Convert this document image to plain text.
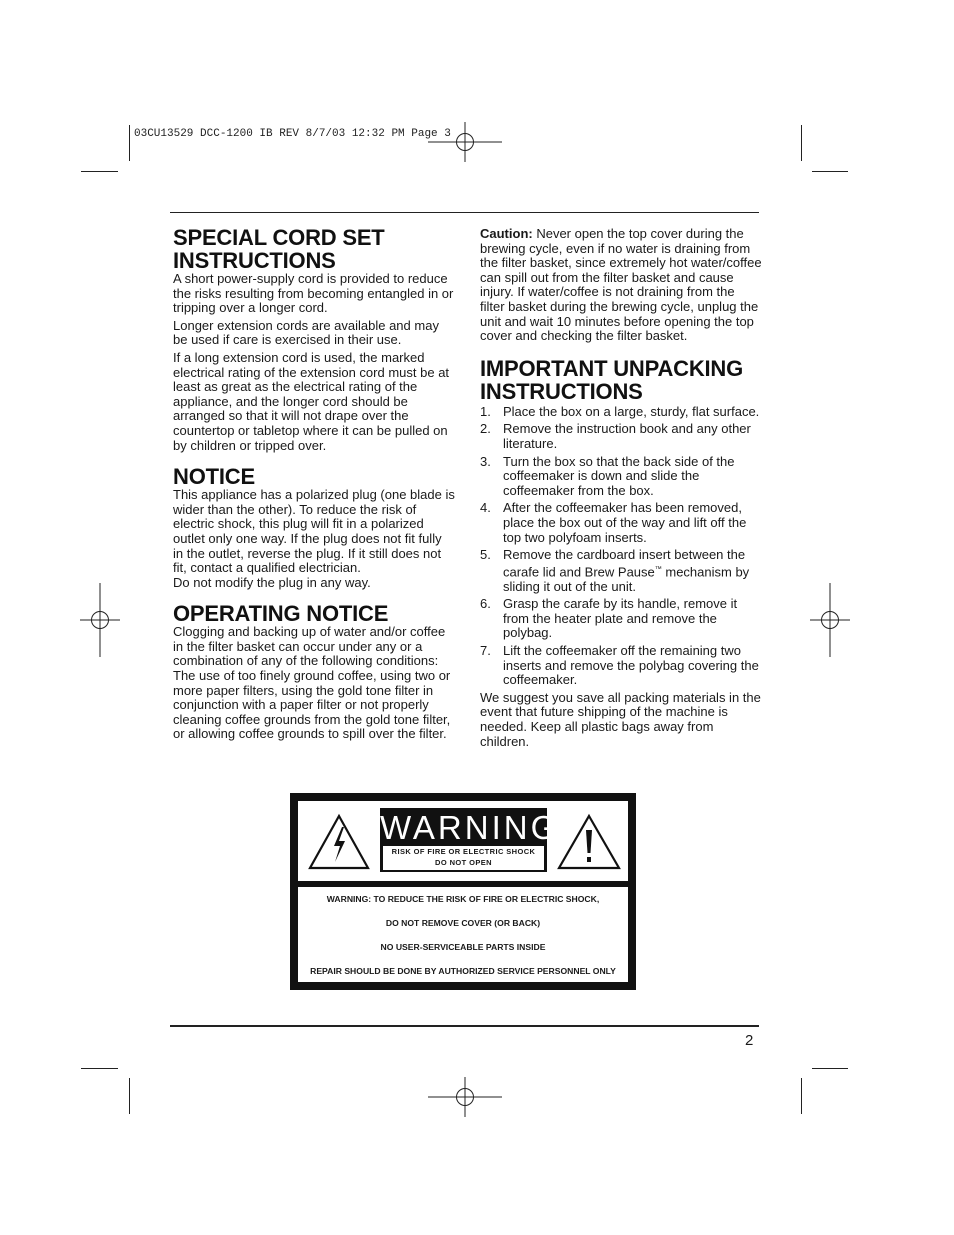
03CU13529 DCC-1200 IB REV 8/7/03 12:32 PM Page 3
SPECIAL CORD SET INSTRUCTIONS

A short power-supply cord is provided to reduce the risks resulting from becoming entangled in or tripping over a longer cord.

Longer extension cords are available and may be used if care is exercised in their use.

If a long extension cord is used, the marked electrical rating of the extension cord must be at least as great as the electrical rating of the appliance, and the longer cord should be arranged so that it will not drape over the countertop or tabletop where it can be pulled on by children or tripped over.

NOTICE

This appliance has a polarized plug (one blade is wider than the other). To reduce the risk of electric shock, this plug will fit in a polarized outlet only one way. If the plug does not fit fully in the outlet, reverse the plug. If it still does not fit, contact a qualified electrician.

Do not modify the plug in any way.

OPERATING NOTICE

Clogging and backing up of water and/or coffee in the filter basket can occur under any or a combination of any of the following conditions: The use of too finely ground coffee, using two or more paper filters, using the gold tone filter in conjunction with a paper filter or not properly cleaning coffee grounds from the gold tone filter, or allowing coffee grounds to spill over the filter.

Caution: Never open the top cover during the brewing cycle, even if no water is draining from the filter basket, since extremely hot water/coffee can spill out from the filter basket and cause injury. If water/coffee is not draining from the filter basket during the brewing cycle, unplug the unit and wait 10 minutes before opening the top cover and checking the filter basket.

IMPORTANT UNPACKING INSTRUCTIONS
1. Place the box on a large, sturdy, flat surface.
2. Remove the instruction book and any other literature.
3. Turn the box so that the back side of the coffeemaker is down and slide the coffeemaker from the box.
4. After the coffeemaker has been removed, place the box out of the way and lift off the top two polyfoam inserts.
5. Remove the cardboard insert between the carafe lid and Brew Pause™ mechanism by sliding it out of the unit.
6. Grasp the carafe by its handle, remove it from the heater plate and remove the polybag.
7. Lift the coffeemaker off the remaining two inserts and remove the polybag covering the coffeemaker.

We suggest you save all packing materials in the event that future shipping of the machine is needed. Keep all plastic bags away from children.

WARNING
RISK OF FIRE OR ELECTRIC SHOCK
DO NOT OPEN
WARNING: TO REDUCE THE RISK OF FIRE OR ELECTRIC SHOCK,
DO NOT REMOVE COVER (OR BACK)
NO USER-SERVICEABLE PARTS INSIDE
REPAIR SHOULD BE DONE BY AUTHORIZED SERVICE PERSONNEL ONLY
2
